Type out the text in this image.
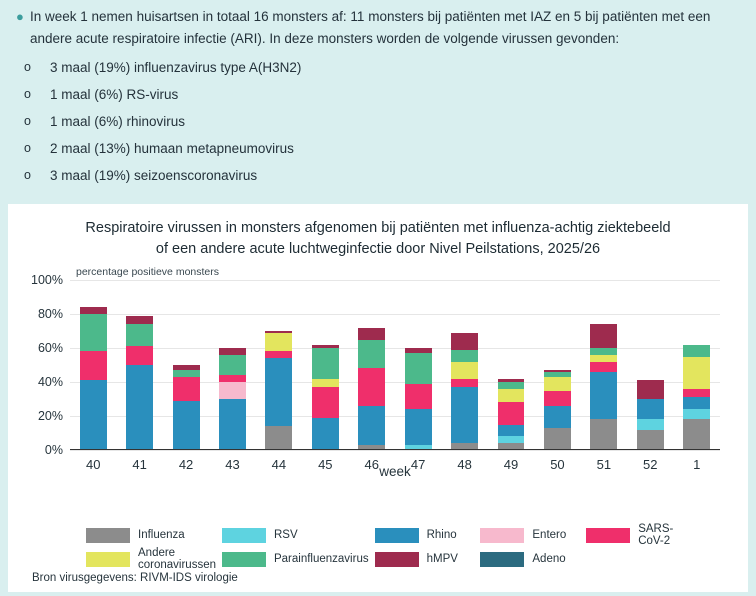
● In week 1 nemen huisartsen in totaal 16 monsters af: 11 monsters bij patiënten met IAZ en 5 bij patiënten met een andere acute respiratoire infectie (ARI). In deze monsters worden de volgende virussen gevonden:
o	3 maal (19%) influenzavirus type A(H3N2)
o	1 maal (6%) RS-virus
o	1 maal (6%) rhinovirus
o	2 maal (13%) humaan metapneumovirus
o	3 maal (19%) seizoenscoronavirus
Respiratoire virussen in monsters afgenomen bij patiënten met influenza-achtig ziektebeeld
of een andere acute luchtweginfectie door Nivel Peilstations, 2025/26
percentage positieve monsters
0%
20%
40%
60%
80%
100%
40 41 42 43 44 45 46 47 48 49 50 51 52	1
week
Influenza	RSV	Rhino	Entero	SARS-CoV-2
Andere coronavirussen	Parainfluenzavirus	hMPV	Adeno
Bron virusgegevens: RIVM-IDS virologie
